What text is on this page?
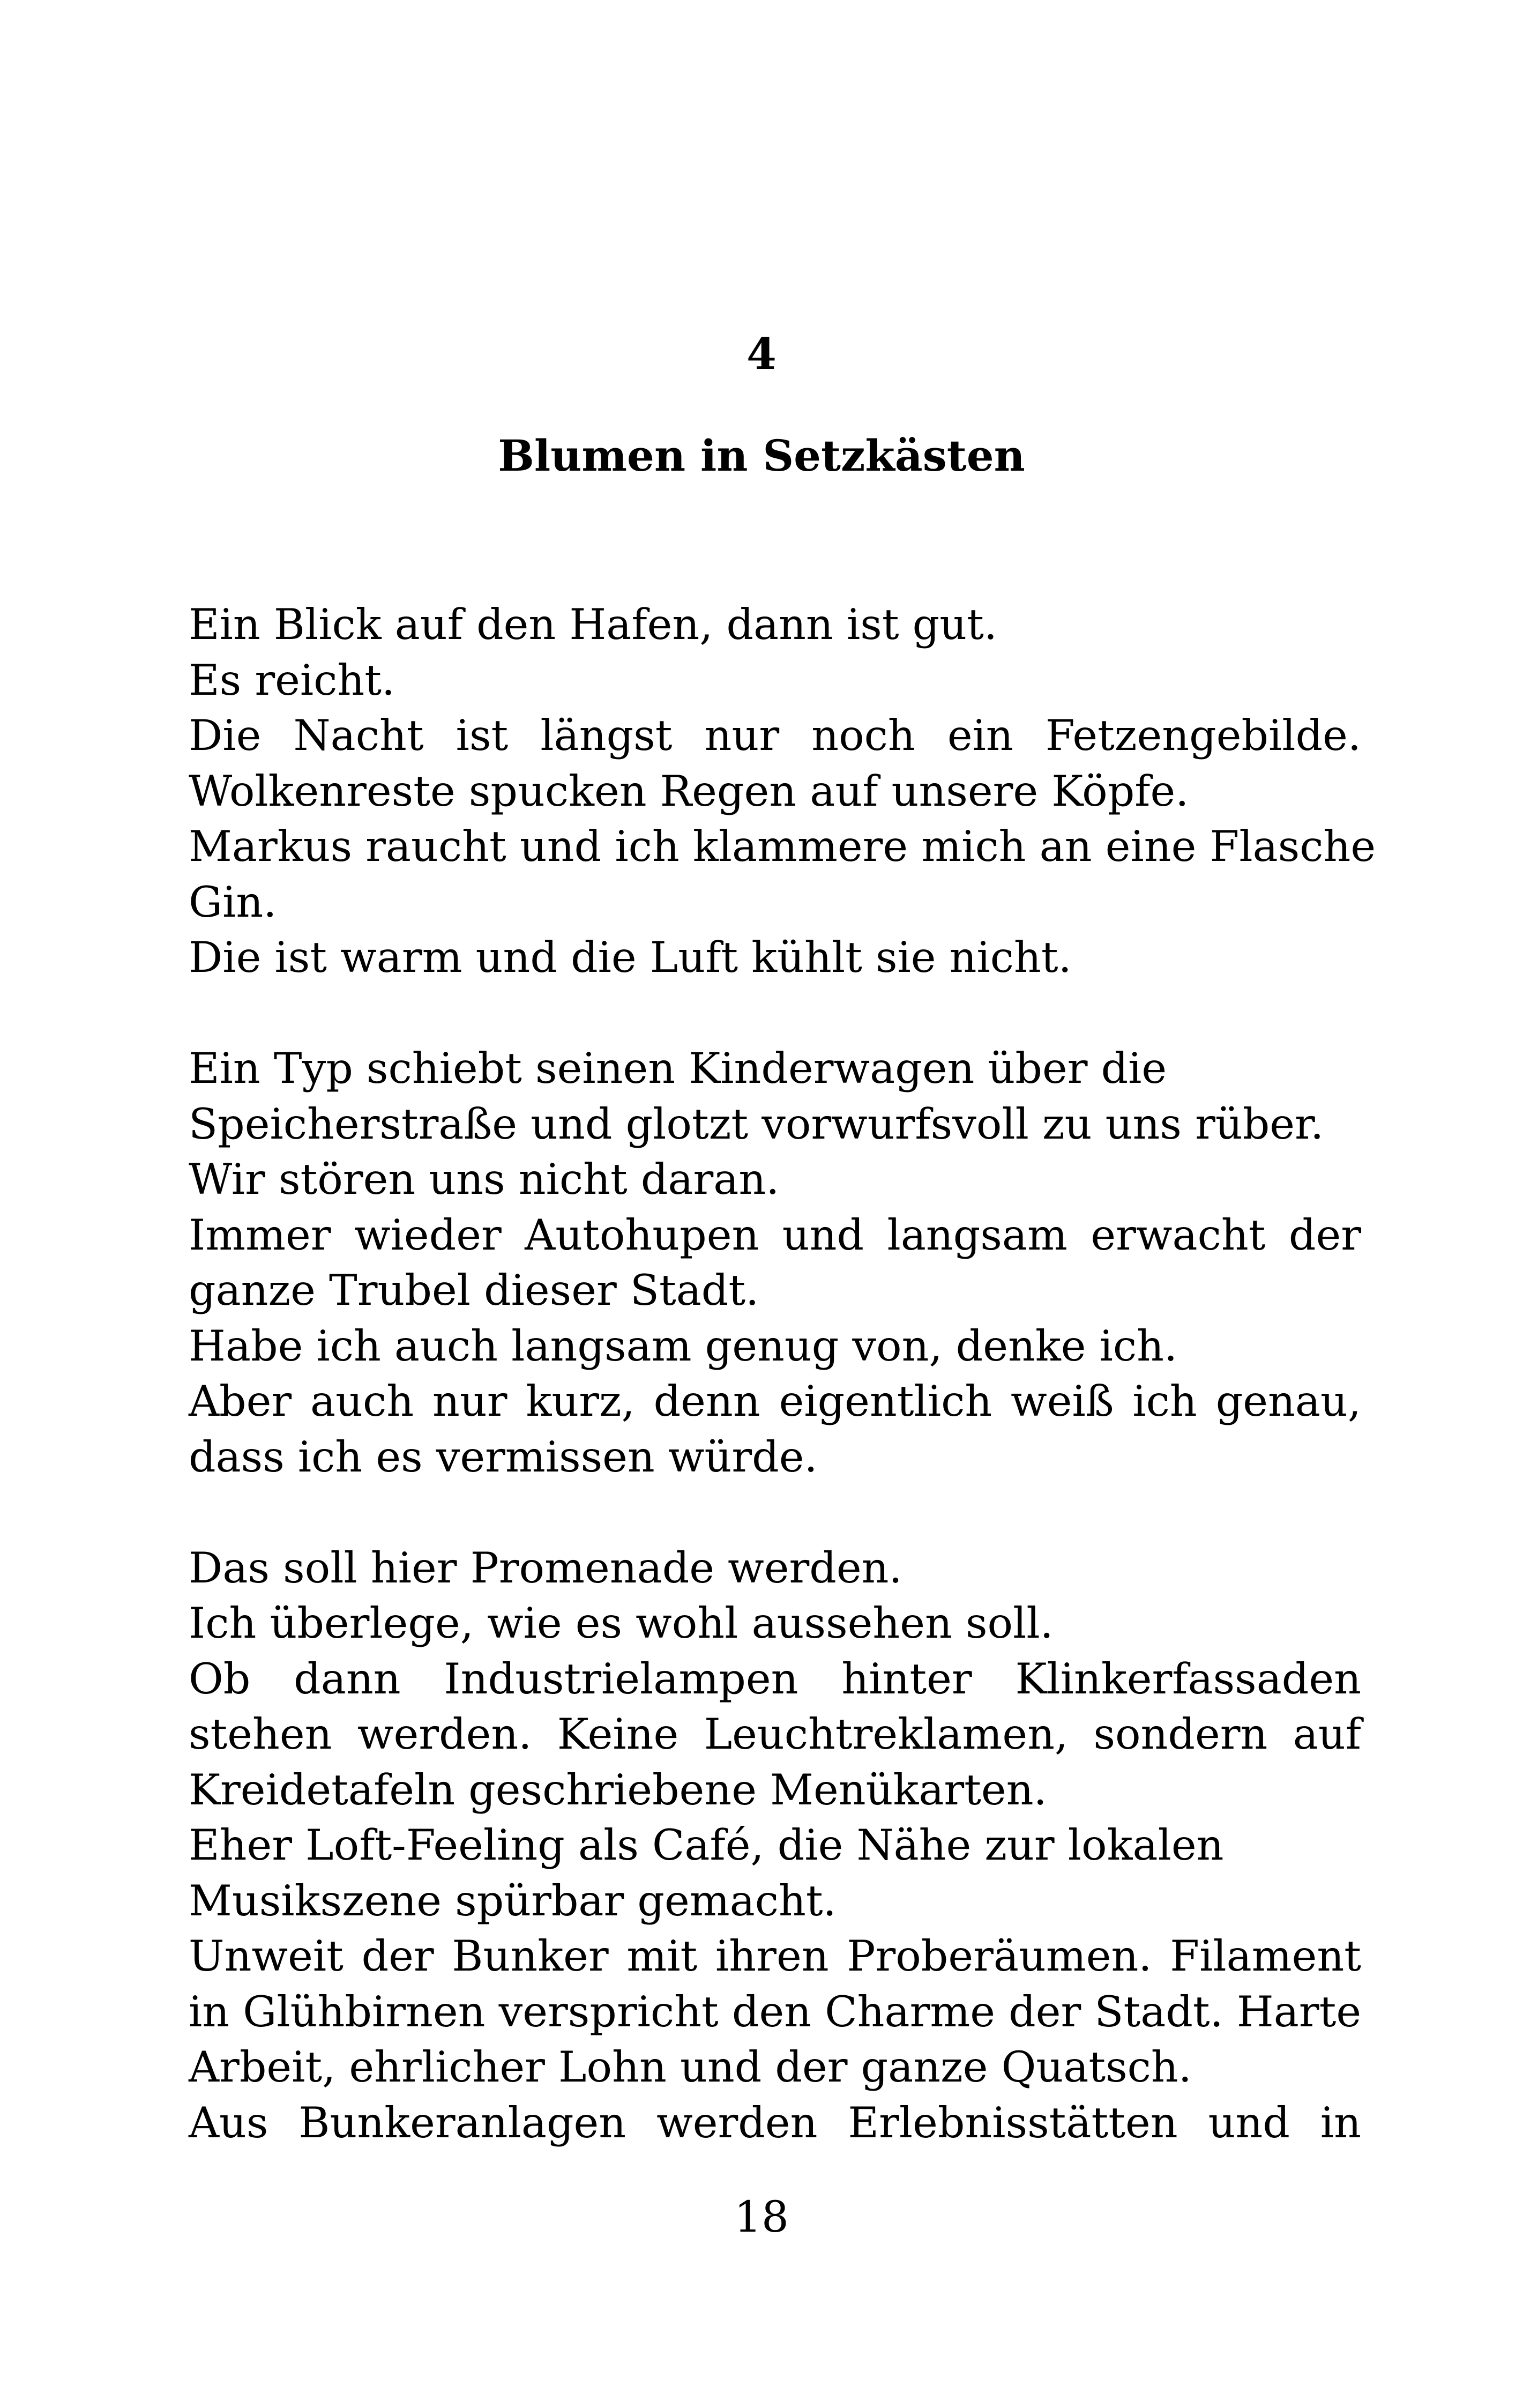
4
Blumen in Setzkästen
Ein Blick auf den Hafen, dann ist gut.
Es reicht.
Die Nacht ist längst nur noch ein Fetzengebilde.
Wolkenreste spucken Regen auf unsere Köpfe.
Markus raucht und ich klammere mich an eine Flasche
Gin.
Die ist warm und die Luft kühlt sie nicht.
Ein Typ schiebt seinen Kinderwagen über die
Speicherstraße und glotzt vorwurfsvoll zu uns rüber.
Wir stören uns nicht daran.
Immer wieder Autohupen und langsam erwacht der
ganze Trubel dieser Stadt.
Habe ich auch langsam genug von, denke ich.
Aber auch nur kurz, denn eigentlich weiß ich genau,
dass ich es vermissen würde.
Das soll hier Promenade werden.
Ich überlege, wie es wohl aussehen soll.
Ob dann Industrielampen hinter Klinkerfassaden
stehen werden. Keine Leuchtreklamen, sondern auf
Kreidetafeln geschriebene Menükarten.
Eher Loft-Feeling als Café, die Nähe zur lokalen
Musikszene spürbar gemacht.
Unweit der Bunker mit ihren Proberäumen. Filament
in Glühbirnen verspricht den Charme der Stadt. Harte
Arbeit, ehrlicher Lohn und der ganze Quatsch.
Aus Bunkeranlagen werden Erlebnisstätten und in
18
